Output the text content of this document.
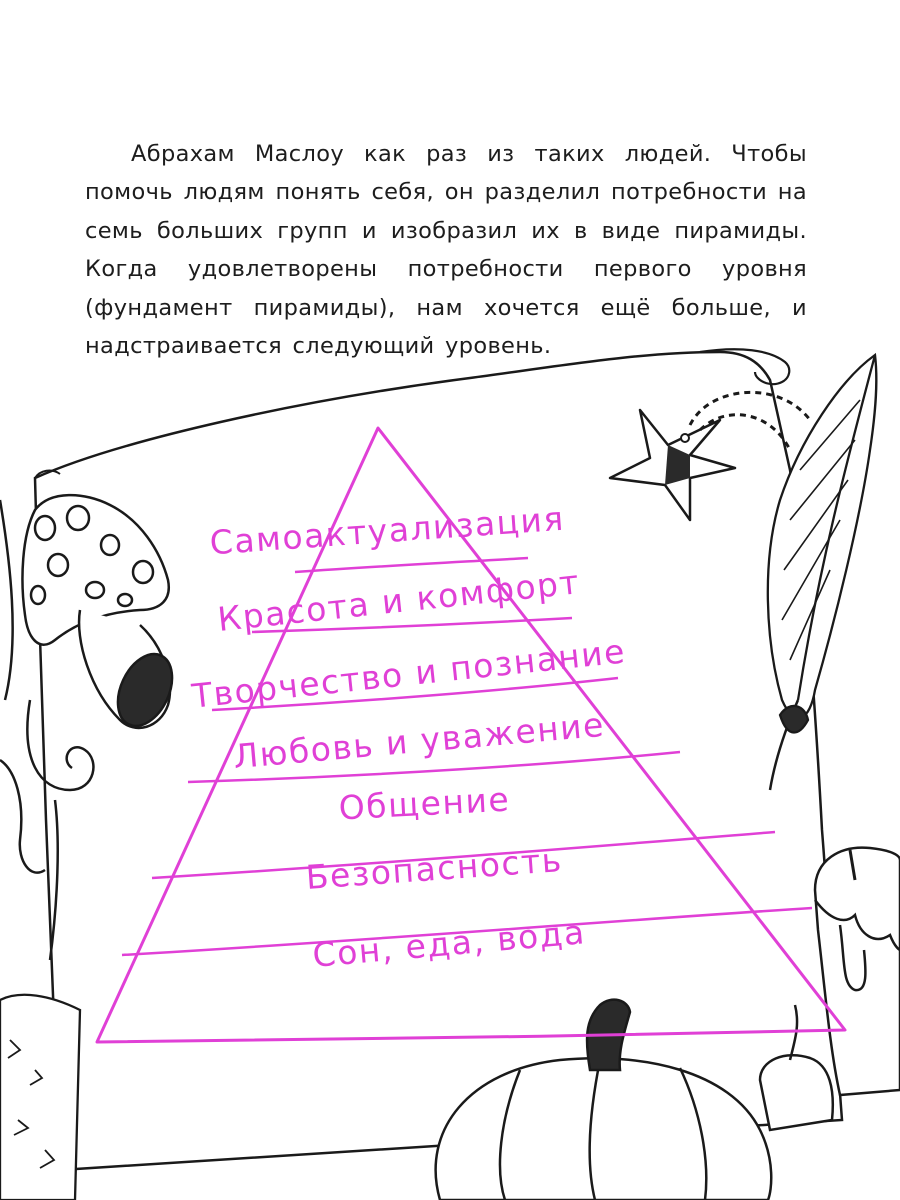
Абрахам Маслоу как раз из таких людей. Чтобы помочь людям понять себя, он разделил потребности на семь больших групп и изобразил их в виде пирамиды. Когда удовлетворены потребности первого уровня (фундамент пирамиды), нам хочется ещё больше, и надстраивается следующий уровень.

Самоактуализация
Красота и комфорт
Творчество и познание
Любовь и уважение
Общение
Безопасность
Сон, еда, вода
